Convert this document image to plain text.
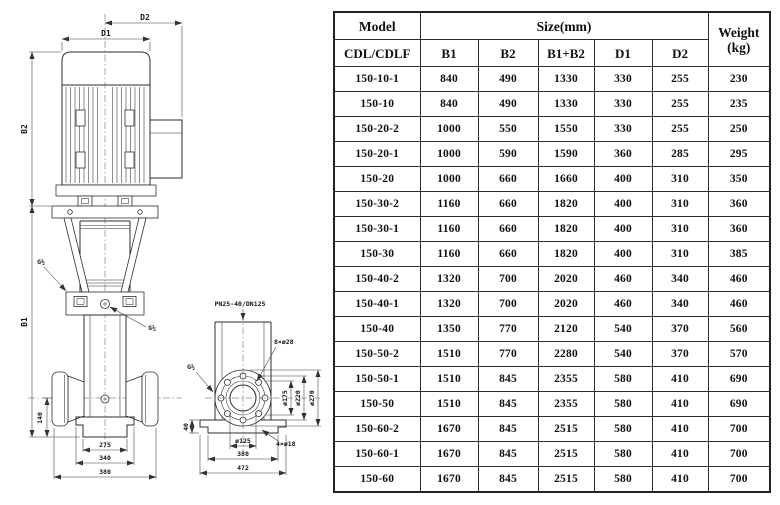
D1
D2
B2
B1
140
275
340
380
G½
G½
PN25-40/DN125
8×ø28
G½
ø175 ø220 ø270
40
ø125	4×ø18
380
472
Model	Size(mm)					Weight
(kg)

CDL/CDLF	B1	B2	B1+B2	D1	D2	
150-10-1	840	490	1330	330	255	230
150-10	840	490	1330	330	255	235
150-20-2	1000	550	1550	330	255	250
150-20-1	1000	590	1590	360	285	295
150-20	1000	660	1660	400	310	350
150-30-2	1160	660	1820	400	310	360
150-30-1	1160	660	1820	400	310	360
150-30	1160	660	1820	400	310	385
150-40-2	1320	700	2020	460	340	460
150-40-1	1320	700	2020	460	340	460
150-40	1350	770	2120	540	370	560
150-50-2	1510	770	2280	540	370	570
150-50-1	1510	845	2355	580	410	690
150-50	1510	845	2355	580	410	690
150-60-2	1670	845	2515	580	410	700
150-60-1	1670	845	2515	580	410	700
150-60	1670	845	2515	580	410	700
